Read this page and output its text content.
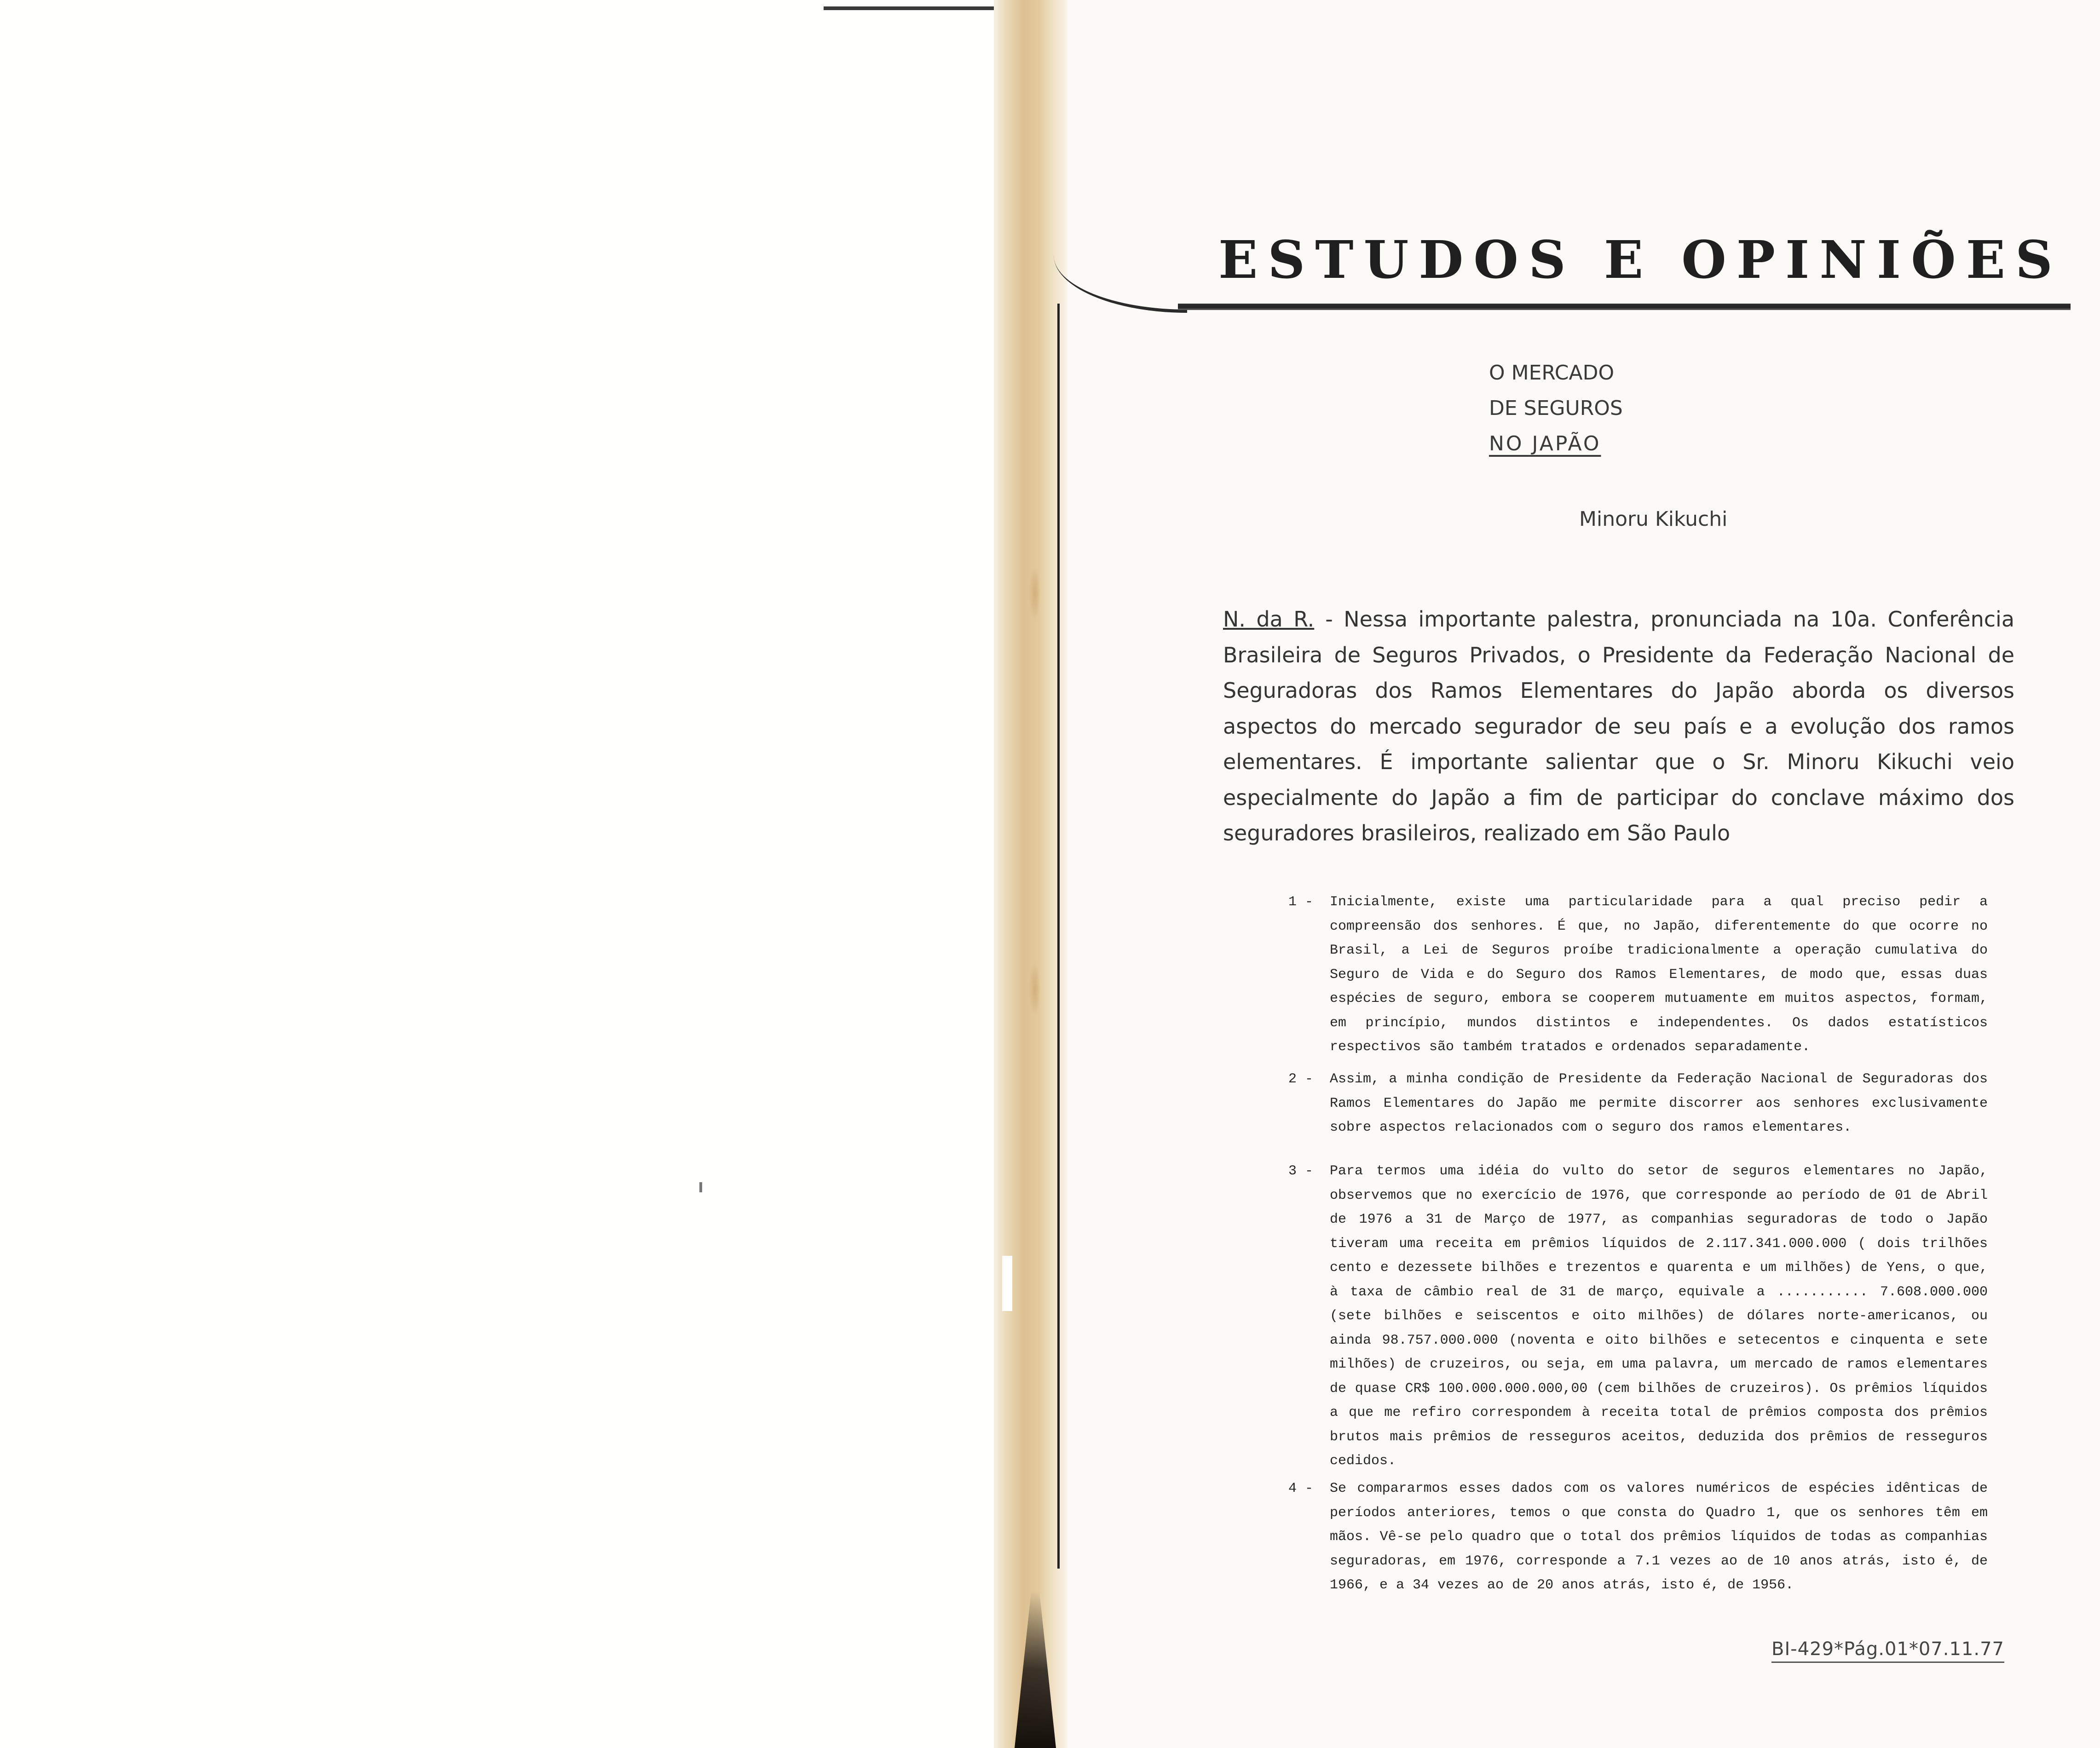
ESTUDOS E OPINIÕES
O MERCADO
DE SEGUROS
NO JAPÃO
Minoru Kikuchi

N. da R. - Nessa importante palestra, pronunciada na 10a. Conferência Brasileira de Seguros Privados, o Presidente da Federação Nacional de Seguradoras dos Ramos Elementares do Japão aborda os diversos aspectos do mercado segurador de seu país e a evolução dos ramos elementares. É importante salientar que o Sr. Minoru Kikuchi veio especialmente do Japão a fim de participar do conclave máximo dos seguradores brasileiros, realizado em São Paulo

1 -	Inicialmente, existe uma particularidade para a qual preciso pedir a compreensão dos senhores. É que, no Japão, diferentemente do que ocorre no Brasil, a Lei de Seguros proíbe tradicionalmente a operação cumulativa do Seguro de Vida e do Seguro dos Ramos Elementares, de modo que, essas duas espécies de seguro, embora se cooperem mutuamente em muitos aspectos, formam, em princípio, mundos distintos e independentes. Os dados estatísticos respectivos são também tratados e ordenados separadamente.

2 -	Assim, a minha condição de Presidente da Federação Nacional de Seguradoras dos Ramos Elementares do Japão me permite discorrer aos senhores exclusivamente sobre aspectos relacionados com o seguro dos ramos elementares.

3 -	Para termos uma idéia do vulto do setor de seguros elementares no Japão, observemos que no exercício de 1976, que corresponde ao período de 01 de Abril de 1976 a 31 de Março de 1977, as companhias seguradoras de todo o Japão tiveram uma receita em prêmios líquidos de 2.117.341.000.000 ( dois trilhões cento e dezessete bilhões e trezentos e quarenta e um milhões) de Yens, o que, à taxa de câmbio real de 31 de março, equivale a ........... 7.608.000.000 (sete bilhões e seiscentos e oito milhões) de dólares norte-americanos, ou ainda 98.757.000.000 (noventa e oito bilhões e setecentos e cinquenta e sete milhões) de cruzeiros, ou seja, em uma palavra, um mercado de ramos elementares de quase CR$ 100.000.000.000,00 (cem bilhões de cruzeiros). Os prêmios líquidos a que me refiro correspondem à receita total de prêmios composta dos prêmios brutos mais prêmios de resseguros aceitos, deduzida dos prêmios de resseguros cedidos.

4 -	Se compararmos esses dados com os valores numéricos de espécies idênticas de períodos anteriores, temos o que consta do Quadro 1, que os senhores têm em mãos. Vê-se pelo quadro que o total dos prêmios líquidos de todas as companhias seguradoras, em 1976, corresponde a 7.1 vezes ao de 10 anos atrás, isto é, de 1966, e a 34 vezes ao de 20 anos atrás, isto é, de 1956.

BI-429*Pág.01*07.11.77
